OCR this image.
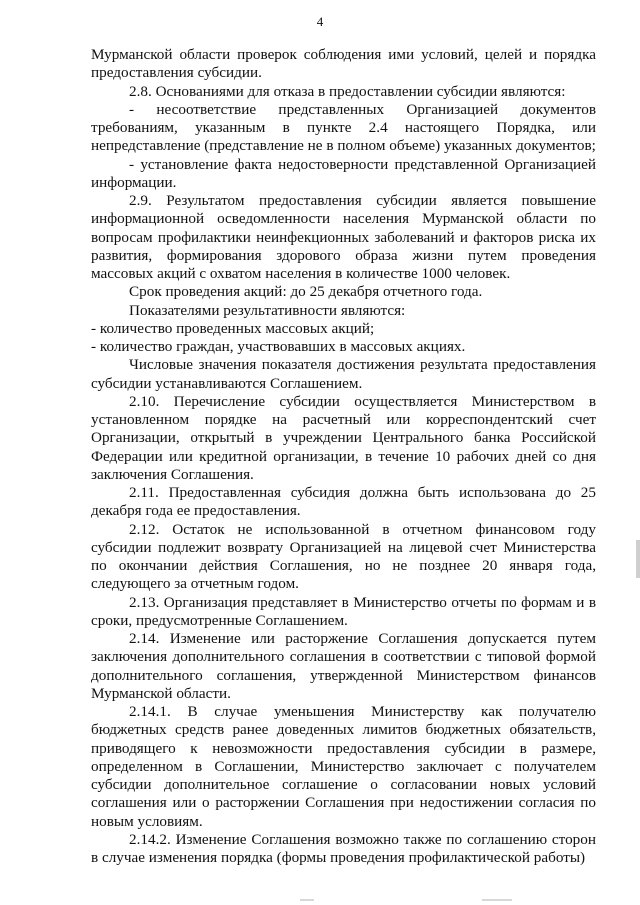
4

Мурманской области проверок соблюдения ими условий, целей и порядка предоставления субсидии.

2.8. Основаниями для отказа в предоставлении субсидии являются:

- несоответствие представленных Организацией документов требованиям, указанным в пункте 2.4 настоящего Порядка, или непредставление (представление не в полном объеме) указанных документов;

- установление факта недостоверности представленной Организацией информации.

2.9. Результатом предоставления субсидии является повышение информационной осведомленности населения Мурманской области по вопросам профилактики неинфекционных заболеваний и факторов риска их развития, формирования здорового образа жизни путем проведения массовых акций с охватом населения в количестве 1000 человек.

Срок проведения акций: до 25 декабря отчетного года.

Показателями результативности являются:

- количество проведенных массовых акций;

- количество граждан, участвовавших в массовых акциях.

Числовые значения показателя достижения результата предоставления субсидии устанавливаются Соглашением.

2.10. Перечисление субсидии осуществляется Министерством в установленном порядке на расчетный или корреспондентский счет Организации, открытый в учреждении Центрального банка Российской Федерации или кредитной организации, в течение 10 рабочих дней со дня заключения Соглашения.

2.11. Предоставленная субсидия должна быть использована до 25 декабря года ее предоставления.

2.12. Остаток не использованной в отчетном финансовом году субсидии подлежит возврату Организацией на лицевой счет Министерства по окончании действия Соглашения, но не позднее 20 января года, следующего за отчетным годом.

2.13. Организация представляет в Министерство отчеты по формам и в сроки, предусмотренные Соглашением.

2.14. Изменение или расторжение Соглашения допускается путем заключения дополнительного соглашения в соответствии с типовой формой дополнительного соглашения, утвержденной Министерством финансов Мурманской области.

2.14.1. В случае уменьшения Министерству как получателю бюджетных средств ранее доведенных лимитов бюджетных обязательств, приводящего к невозможности предоставления субсидии в размере, определенном в Соглашении, Министерство заключает с получателем субсидии дополнительное соглашение о согласовании новых условий соглашения или о расторжении Соглашения при недостижении согласия по новым условиям.

2.14.2. Изменение Соглашения возможно также по соглашению сторон в случае изменения порядка (формы проведения профилактической работы)
